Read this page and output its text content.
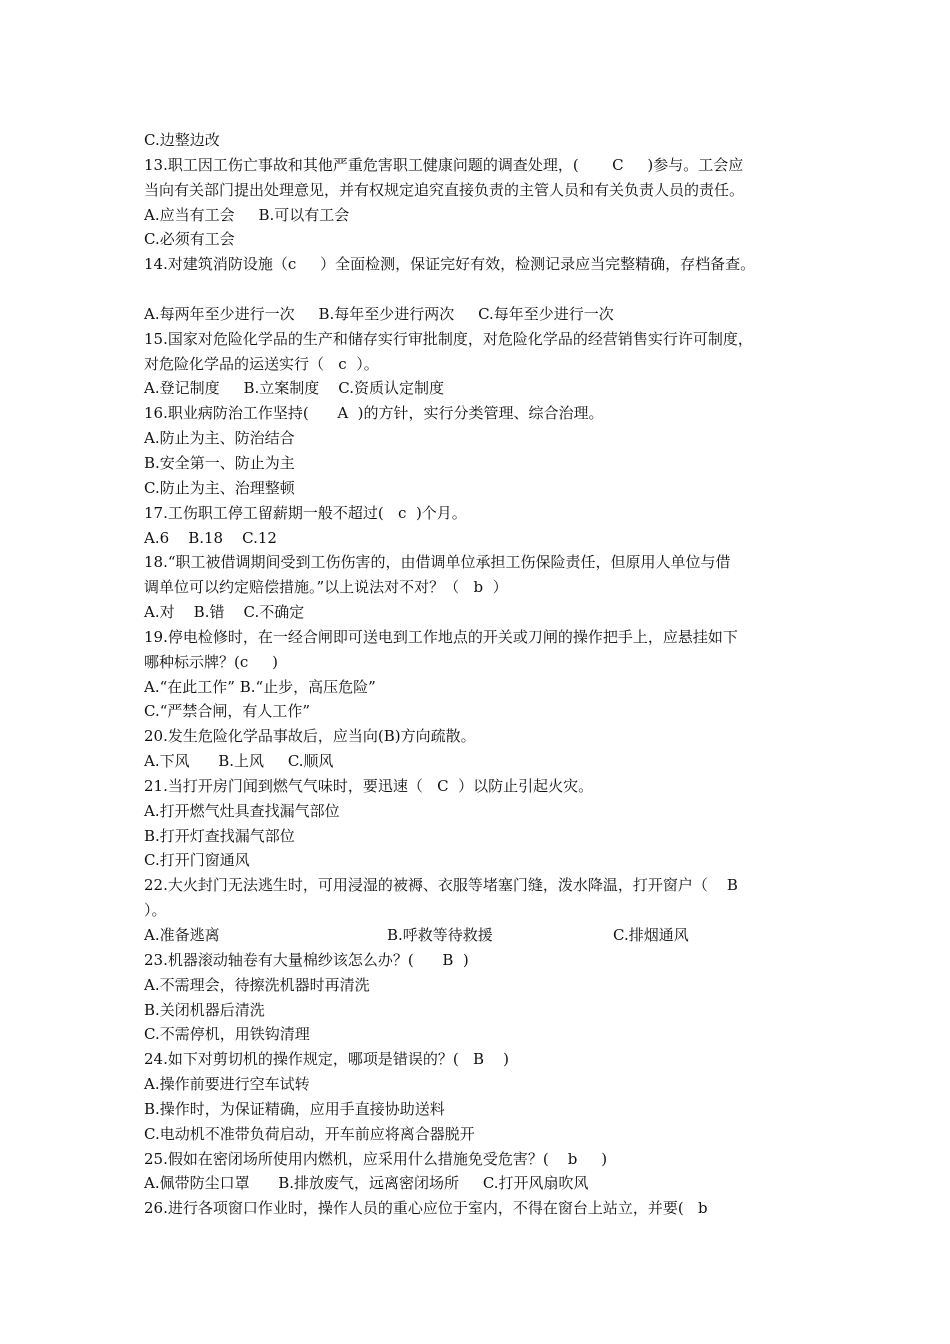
C.边整边改
13.职工因工伤亡事故和其他严重危害职工健康问题的调查处理，(       C     )参与。工会应
当向有关部门提出处理意见，并有权规定追究直接负责的主管人员和有关负责人员的责任。
A.应当有工会     B.可以有工会
C.必须有工会
14.对建筑消防设施（c     ）全面检测，保证完好有效，检测记录应当完整精确，存档备查。
A.每两年至少进行一次     B.每年至少进行两次     C.每年至少进行一次
15.国家对危险化学品的生产和储存实行审批制度，对危险化学品的经营销售实行许可制度，
对危险化学品的运送实行（   c  ）。
A.登记制度     B.立案制度    C.资质认定制度
16.职业病防治工作坚持(      A  )的方针，实行分类管理、综合治理。
A.防止为主、防治结合
B.安全第一、防止为主
C.防止为主、治理整顿
17.工伤职工停工留薪期一般不超过(   c  )个月。
A.6    B.18    C.12
18.“职工被借调期间受到工伤伤害的，由借调单位承担工伤保险责任，但原用人单位与借
调单位可以约定赔偿措施。”以上说法对不对？（   b  ）
A.对    B.错    C.不确定
19.停电检修时，在一经合闸即可送电到工作地点的开关或刀闸的操作把手上，应悬挂如下
哪种标示牌？(c     )
A.“在此工作” B.“止步，高压危险”
C.“严禁合闸，有人工作”
20.发生危险化学品事故后，应当向(B)方向疏散。
A.下风      B.上风     C.顺风
21.当打开房门闻到燃气气味时，要迅速（   C  ）以防止引起火灾。
A.打开燃气灶具查找漏气部位
B.打开灯查找漏气部位
C.打开门窗通风
22.大火封门无法逃生时，可用浸湿的被褥、衣服等堵塞门缝，泼水降温，打开窗户（    B
）。
A.准备逃离	B.呼救等待救援	C.排烟通风
23.机器滚动轴卷有大量棉纱该怎么办？(      B  )
A.不需理会，待擦洗机器时再清洗
B.关闭机器后清洗
C.不需停机，用铁钩清理
24.如下对剪切机的操作规定，哪项是错误的？(   B    )
A.操作前要进行空车试转
B.操作时，为保证精确，应用手直接协助送料
C.电动机不准带负荷启动，开车前应将离合器脱开
25.假如在密闭场所使用内燃机，应采用什么措施免受危害？(    b     )
A.佩带防尘口罩      B.排放废气，远离密闭场所     C.打开风扇吹风
26.进行各项窗口作业时，操作人员的重心应位于室内，不得在窗台上站立，并要(   b
